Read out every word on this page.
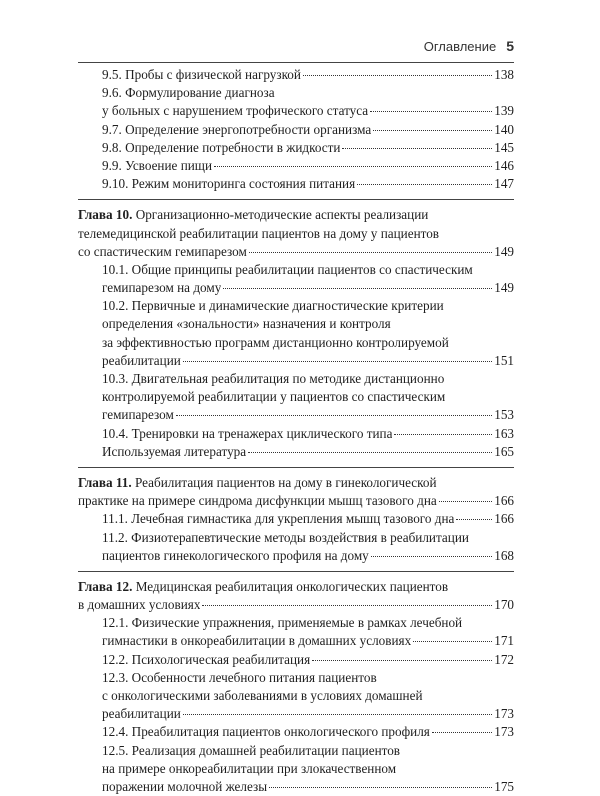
Оглавление 5
9.5. Пробы с физической нагрузкой	138
9.6. Формулирование диагноза
у больных с нарушением трофического статуса	139
9.7. Определение энергопотребности организма	140
9.8. Определение потребности в жидкости	145
9.9. Усвоение пищи	146
9.10. Режим мониторинга состояния питания	147
Глава 10. Организационно-методические аспекты реализации
телемедицинской реабилитации пациентов на дому у пациентов
со спастическим гемипарезом	149
10.1. Общие принципы реабилитации пациентов со спастическим
гемипарезом на дому	149
10.2. Первичные и динамические диагностические критерии
определения «зональности» назначения и контроля
за эффективностью программ дистанционно контролируемой
реабилитации	151
10.3. Двигательная реабилитация по методике дистанционно
контролируемой реабилитации у пациентов со спастическим
гемипарезом	153
10.4. Тренировки на тренажерах циклического типа	163
Используемая литература	165
Глава 11. Реабилитация пациентов на дому в гинекологической
практике на примере синдрома дисфункции мышц тазового дна	166
11.1. Лечебная гимнастика для укрепления мышц тазового дна	166
11.2. Физиотерапевтические методы воздействия в реабилитации
пациентов гинекологического профиля на дому	168
Глава 12. Медицинская реабилитация онкологических пациентов
в домашних условиях	170
12.1. Физические упражнения, применяемые в рамках лечебной
гимнастики в онкореабилитации в домашних условиях	171
12.2. Психологическая реабилитация	172
12.3. Особенности лечебного питания пациентов
с онкологическими заболеваниями в условиях домашней
реабилитации	173
12.4. Преабилитация пациентов онкологического профиля	173
12.5. Реализация домашней реабилитации пациентов
на примере онкореабилитации при злокачественном
поражении молочной железы	175
